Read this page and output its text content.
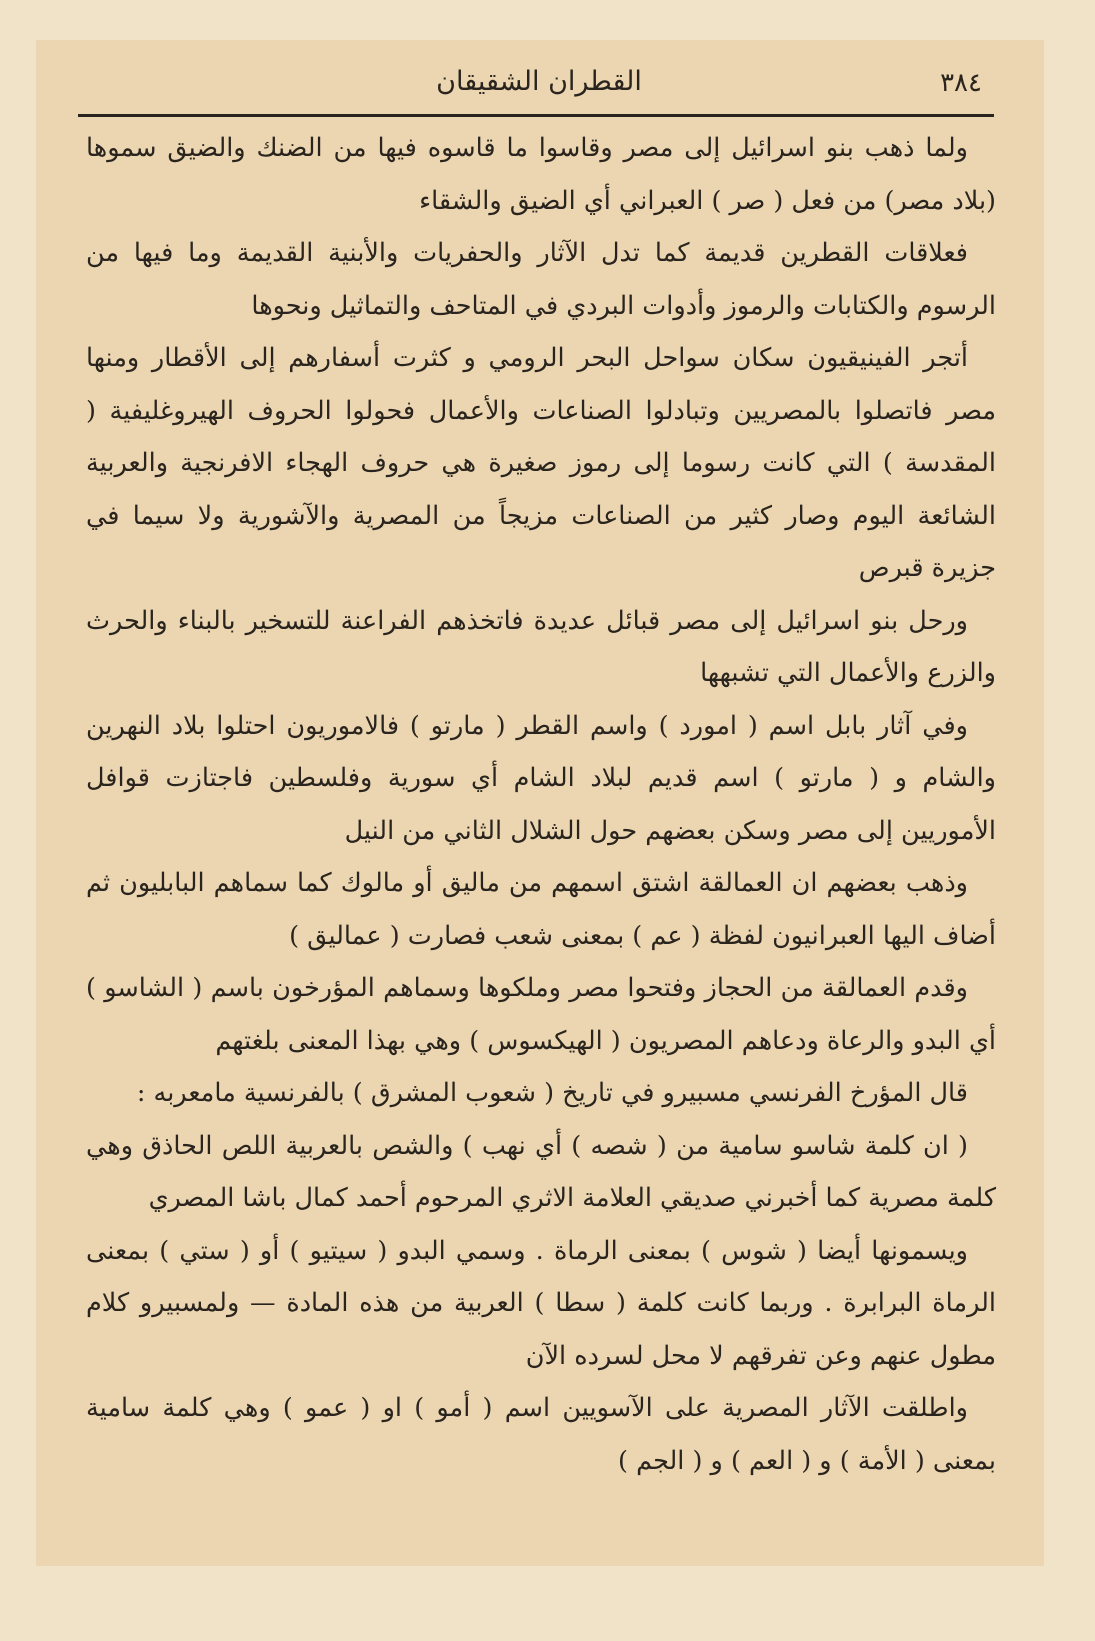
٣٨٤
القطران الشقيقان

ولما ذهب بنو اسرائيل إلى مصر وقاسوا ما قاسوه فيها من الضنك والضيق سموها (بلاد مصر) من فعل ( صر ) العبراني أي الضيق والشقاء

فعلاقات القطرين قديمة كما تدل الآثار والحفريات والأبنية القديمة وما فيها من الرسوم والكتابات والرموز وأدوات البردي في المتاحف والتماثيل ونحوها

أتجر الفينيقيون سكان سواحل البحر الرومي و كثرت أسفارهم إلى الأقطار ومنها مصر فاتصلوا بالمصريين وتبادلوا الصناعات والأعمال فحولوا الحروف الهيروغليفية ( المقدسة ) التي كانت رسوما إلى رموز صغيرة هي حروف الهجاء الافرنجية والعربية الشائعة اليوم وصار كثير من الصناعات مزيجاً من المصرية والآشورية ولا سيما في جزيرة قبرص

ورحل بنو اسرائيل إلى مصر قبائل عديدة فاتخذهم الفراعنة للتسخير بالبناء والحرث والزرع والأعمال التي تشبهها

وفي آثار بابل اسم ( امورد ) واسم القطر ( مارتو ) فالاموريون احتلوا بلاد النهرين والشام و ( مارتو ) اسم قديم لبلاد الشام أي سورية وفلسطين فاجتازت قوافل الأموريين إلى مصر وسكن بعضهم حول الشلال الثاني من النيل

وذهب بعضهم ان العمالقة اشتق اسمهم من ماليق أو مالوك كما سماهم البابليون ثم أضاف اليها العبرانيون لفظة ( عم ) بمعنى شعب فصارت ( عماليق )

وقدم العمالقة من الحجاز وفتحوا مصر وملكوها وسماهم المؤرخون باسم ( الشاسو ) أي البدو والرعاة ودعاهم المصريون ( الهيكسوس ) وهي بهذا المعنى بلغتهم

قال المؤرخ الفرنسي مسبيرو في تاريخ ( شعوب المشرق ) بالفرنسية مامعربه :

( ان كلمة شاسو سامية من ( شصه ) أي نهب ) والشص بالعربية اللص الحاذق وهي كلمة مصرية كما أخبرني صديقي العلامة الاثري المرحوم أحمد كمال باشا المصري

ويسمونها أيضا ( شوس ) بمعنى الرماة . وسمي البدو ( سيتيو ) أو ( ستي ) بمعنى الرماة البرابرة . وربما كانت كلمة ( سطا ) العربية من هذه المادة — ولمسبيرو كلام مطول عنهم وعن تفرقهم لا محل لسرده الآن

واطلقت الآثار المصرية على الآسويين اسم ( أمو ) او ( عمو ) وهي كلمة سامية بمعنى ( الأمة ) و ( العم ) و ( الجم )
